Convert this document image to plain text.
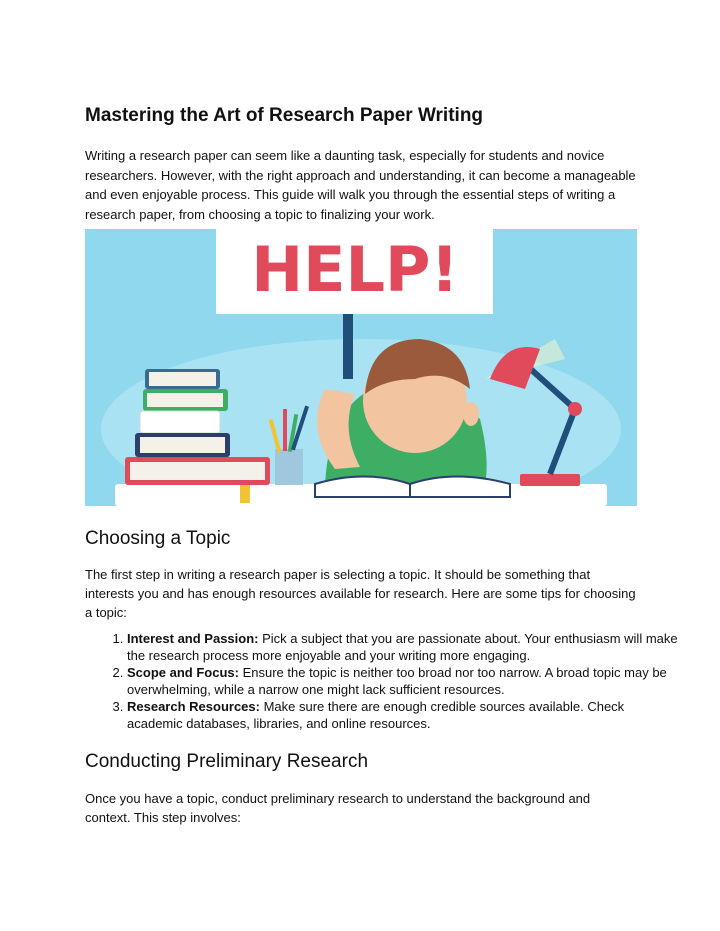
Mastering the Art of Research Paper Writing

Writing a research paper can seem like a daunting task, especially for students and novice researchers. However, with the right approach and understanding, it can become a manageable and even enjoyable process. This guide will walk you through the essential steps of writing a research paper, from choosing a topic to finalizing your work.

HELP!
Choosing a Topic

The first step in writing a research paper is selecting a topic. It should be something that interests you and has enough resources available for research. Here are some tips for choosing a topic:

1. Interest and Passion: Pick a subject that you are passionate about. Your enthusiasm will make the research process more enjoyable and your writing more engaging.
2. Scope and Focus: Ensure the topic is neither too broad nor too narrow. A broad topic may be overwhelming, while a narrow one might lack sufficient resources.
3. Research Resources: Make sure there are enough credible sources available. Check academic databases, libraries, and online resources.
Conducting Preliminary Research

Once you have a topic, conduct preliminary research to understand the background and context. This step involves:
